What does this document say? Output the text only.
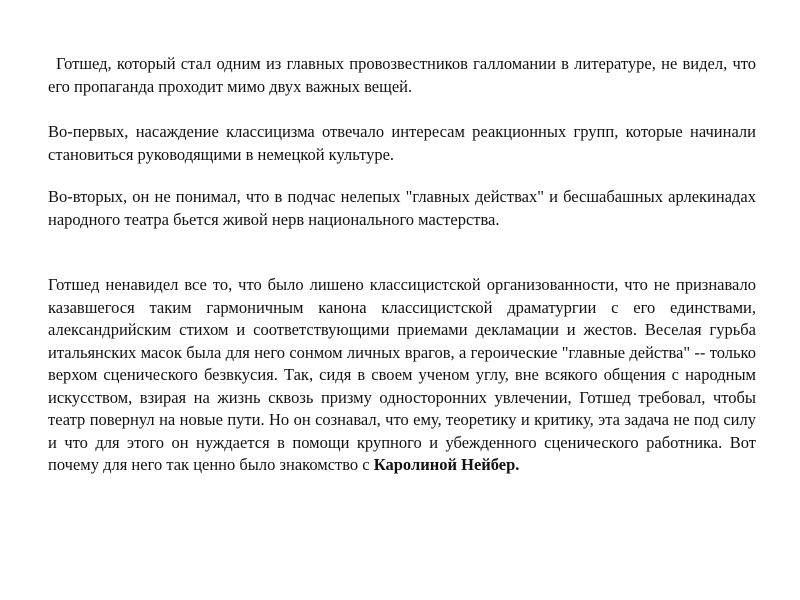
Готшед, который стал одним из главных провозвестников галломании в литературе, не видел, что его пропаганда проходит мимо двух важных вещей.

Во-первых, насаждение классицизма отвечало интересам реакционных групп, которые начинали становиться руководящими в немецкой культуре.

Во-вторых, он не понимал, что в подчас нелепых "главных действах" и бесшабашных арлекинадах народного театра бьется живой нерв национального мастерства.

Готшед ненавидел все то, что было лишено классицистской организованности, что не признавало казавшегося таким гармоничным канона классицистской драматургии с его единствами, александрийским стихом и соответствующими приемами декламации и жестов. Веселая гурьба итальянских масок была для него сонмом личных врагов, а героические "главные действа" -- только верхом сценического безвкусия. Так, сидя в своем ученом углу, вне всякого общения с народным искусством, взирая на жизнь сквозь призму односторонних увлечении, Готшед требовал, чтобы театр повернул на новые пути. Но он сознавал, что ему, теоретику и критику, эта задача не под силу и что для этого он нуждается в помощи крупного и убежденного сценического работника. Вот почему для него так ценно было знакомство с Каролиной Нейбер.
